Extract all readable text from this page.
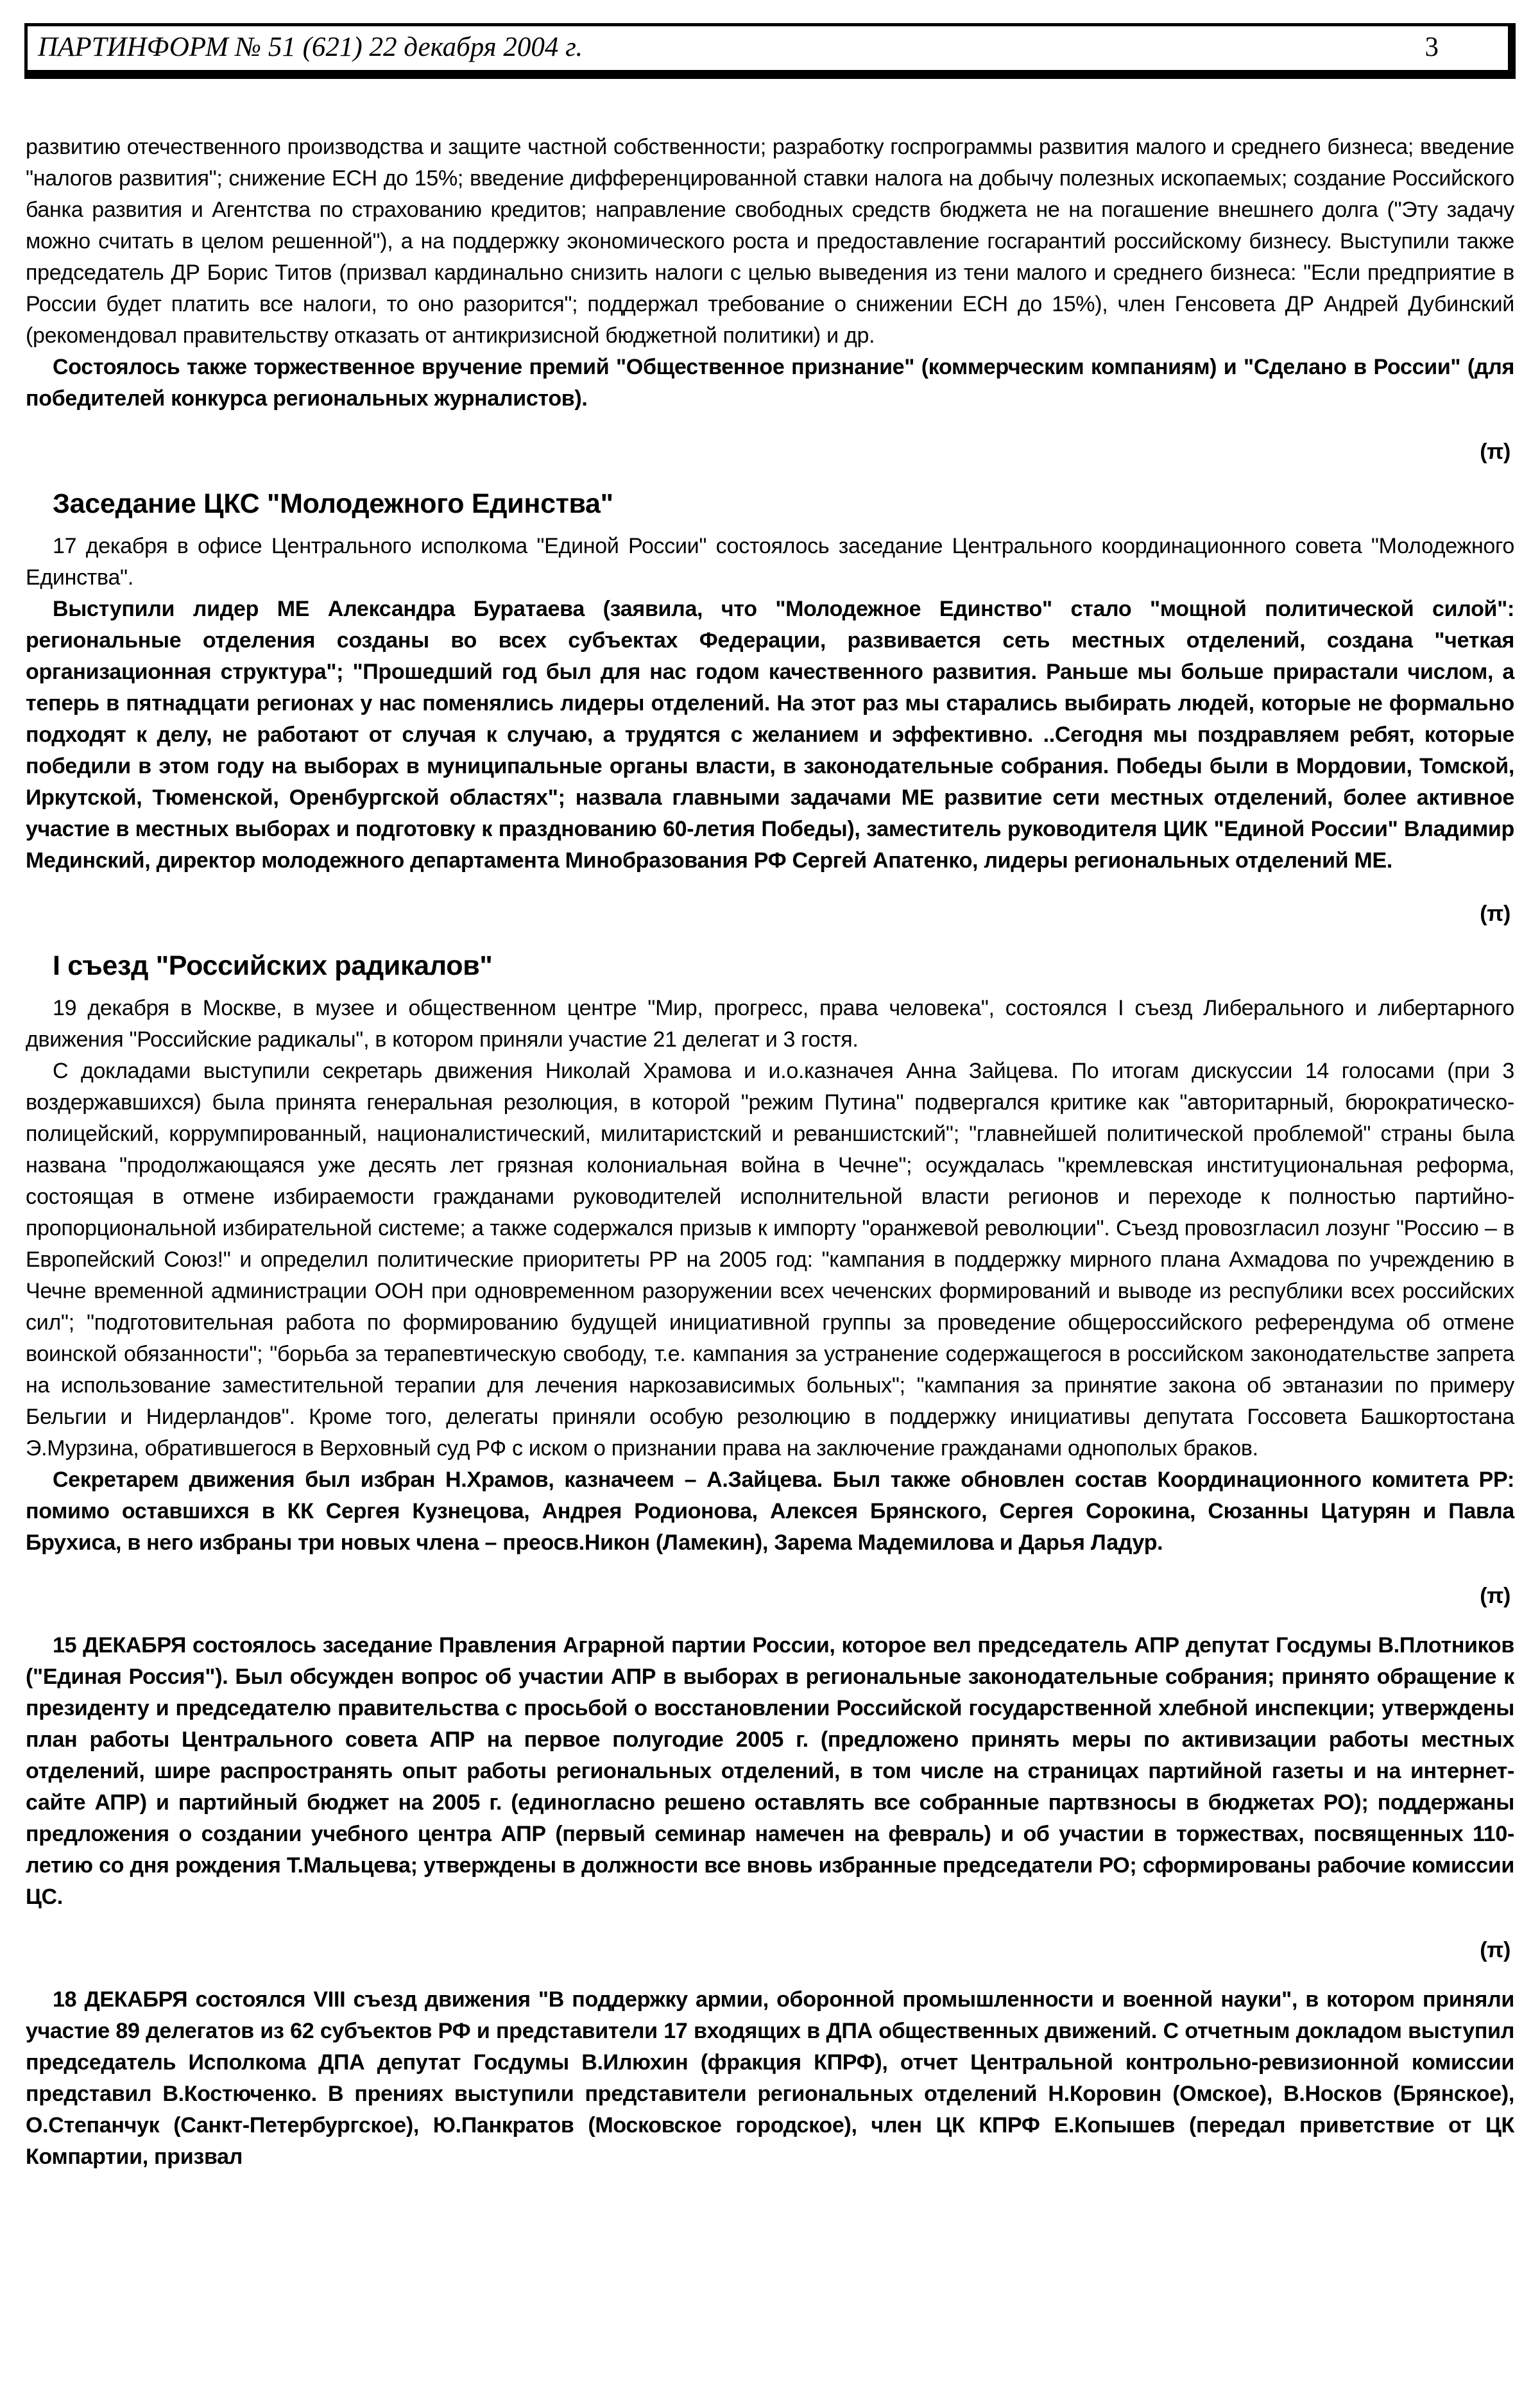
ПАРТИНФОРМ № 51 (621) 22 декабря 2004 г.	3

развитию отечественного производства и защите частной собственности; разработку госпрограммы развития малого и среднего бизнеса; введение "налогов развития"; снижение ЕСН до 15%; введение дифференцированной ставки налога на добычу полезных ископаемых; создание Российского банка развития и Агентства по страхованию кредитов; направление свободных средств бюджета не на погашение внешнего долга ("Эту задачу можно считать в целом решенной"), а на поддержку экономического роста и предоставление госгарантий российскому бизнесу. Выступили также председатель ДР Борис Титов (призвал кардинально снизить налоги с целью выведения из тени малого и среднего бизнеса: "Если предприятие в России будет платить все налоги, то оно разорится"; поддержал требование о снижении ЕСН до 15%), член Генсовета ДР Андрей Дубинский (рекомендовал правительству отказать от антикризисной бюджетной политики) и др.

Состоялось также торжественное вручение премий "Общественное признание" (коммерческим компаниям) и "Сделано в России" (для победителей конкурса региональных журналистов).

(π)

Заседание ЦКС "Молодежного Единства"

17 декабря в офисе Центрального исполкома "Единой России" состоялось заседание Центрального координационного совета "Молодежного Единства".

Выступили лидер МЕ Александра Буратаева (заявила, что "Молодежное Единство" стало "мощной политической силой": региональные отделения созданы во всех субъектах Федерации, развивается сеть местных отделений, создана "четкая организационная структура"; "Прошедший год был для нас годом качественного развития. Раньше мы больше прирастали числом, а теперь в пятнадцати регионах у нас поменялись лидеры отделений. На этот раз мы старались выбирать людей, которые не формально подходят к делу, не работают от случая к случаю, а трудятся с желанием и эффективно. ..Сегодня мы поздравляем ребят, которые победили в этом году на выборах в муниципальные органы власти, в законодательные собрания. Победы были в Мордовии, Томской, Иркутской, Тюменской, Оренбургской областях"; назвала главными задачами МЕ развитие сети местных отделений, более активное участие в местных выборах и подготовку к празднованию 60-летия Победы), заместитель руководителя ЦИК "Единой России" Владимир Мединский, директор молодежного департамента Минобразования РФ Сергей Апатенко, лидеры региональных отделений МЕ.

(π)

I съезд "Российских радикалов"

19 декабря в Москве, в музее и общественном центре "Мир, прогресс, права человека", состоялся I съезд Либерального и либертарного движения "Российские радикалы", в котором приняли участие 21 делегат и 3 гостя.

С докладами выступили секретарь движения Николай Храмова и и.о.казначея Анна Зайцева. По итогам дискуссии 14 голосами (при 3 воздержавшихся) была принята генеральная резолюция, в которой "режим Путина" подвергался критике как "авторитарный, бюрократическо-полицейский, коррумпированный, националистический, милитаристский и реваншистский"; "главнейшей политической проблемой" страны была названа "продолжающаяся уже десять лет грязная колониальная война в Чечне"; осуждалась "кремлевская институциональная реформа, состоящая в отмене избираемости гражданами руководителей исполнительной власти регионов и переходе к полностью партийно-пропорциональной избирательной системе; а также содержался призыв к импорту "оранжевой революции". Съезд провозгласил лозунг "Россию – в Европейский Союз!" и определил политические приоритеты РР на 2005 год: "кампания в поддержку мирного плана Ахмадова по учреждению в Чечне временной администрации ООН при одновременном разоружении всех чеченских формирований и выводе из республики всех российских сил"; "подготовительная работа по формированию будущей инициативной группы за проведение общероссийского референдума об отмене воинской обязанности"; "борьба за терапевтическую свободу, т.е. кампания за устранение содержащегося в российском законодательстве запрета на использование заместительной терапии для лечения наркозависимых больных"; "кампания за принятие закона об эвтаназии по примеру Бельгии и Нидерландов". Кроме того, делегаты приняли особую резолюцию в поддержку инициативы депутата Госсовета Башкортостана Э.Мурзина, обратившегося в Верховный суд РФ с иском о признании права на заключение гражданами однополых браков.

Секретарем движения был избран Н.Храмов, казначеем – А.Зайцева. Был также обновлен состав Координационного комитета РР: помимо оставшихся в КК Сергея Кузнецова, Андрея Родионова, Алексея Брянского, Сергея Сорокина, Сюзанны Цатурян и Павла Брухиса, в него избраны три новых члена – преосв.Никон (Ламекин), Зарема Мадемилова и Дарья Ладур.

(π)

15 ДЕКАБРЯ состоялось заседание Правления Аграрной партии России, которое вел председатель АПР депутат Госдумы В.Плотников ("Единая Россия"). Был обсужден вопрос об участии АПР в выборах в региональные законодательные собрания; принято обращение к президенту и председателю правительства с просьбой о восстановлении Российской государственной хлебной инспекции; утверждены план работы Центрального совета АПР на первое полугодие 2005 г. (предложено принять меры по активизации работы местных отделений, шире распространять опыт работы региональных отделений, в том числе на страницах партийной газеты и на интернет-сайте АПР) и партийный бюджет на 2005 г. (единогласно решено оставлять все собранные партвзносы в бюджетах РО); поддержаны предложения о создании учебного центра АПР (первый семинар намечен на февраль) и об участии в торжествах, посвященных 110-летию со дня рождения Т.Мальцева; утверждены в должности все вновь избранные председатели РО; сформированы рабочие комиссии ЦС.

(π)

18 ДЕКАБРЯ состоялся VIII съезд движения "В поддержку армии, оборонной промышленности и военной науки", в котором приняли участие 89 делегатов из 62 субъектов РФ и представители 17 входящих в ДПА общественных движений. С отчетным докладом выступил председатель Исполкома ДПА депутат Госдумы В.Илюхин (фракция КПРФ), отчет Центральной контрольно-ревизионной комиссии представил В.Костюченко. В прениях выступили представители региональных отделений Н.Коровин (Омское), В.Носков (Брянское), О.Степанчук (Санкт-Петербургское), Ю.Панкратов (Московское городское), член ЦК КПРФ Е.Копышев (передал приветствие от ЦК Компартии, призвал
